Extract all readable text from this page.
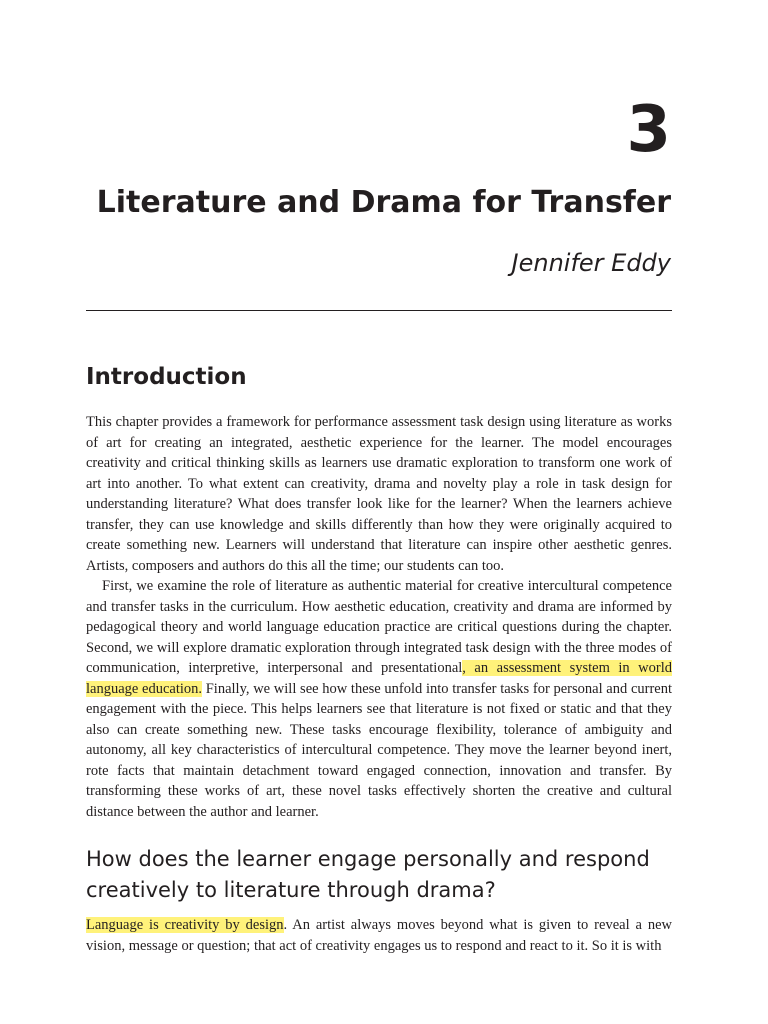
3
Literature and Drama for Transfer
Jennifer Eddy
Introduction

This chapter provides a framework for performance assessment task design using literature as works of art for creating an integrated, aesthetic experience for the learner. The model encourages creativity and critical thinking skills as learners use dramatic exploration to transform one work of art into another. To what extent can creativity, drama and novelty play a role in task design for understanding literature? What does transfer look like for the learner? When the learners achieve transfer, they can use knowledge and skills differently than how they were originally acquired to create something new. Learners will understand that literature can inspire other aesthetic genres. Artists, composers and authors do this all the time; our students can too.

First, we examine the role of literature as authentic material for creative intercultural competence and transfer tasks in the curriculum. How aesthetic education, creativity and drama are informed by pedagogical theory and world language education practice are critical questions during the chapter. Second, we will explore dramatic exploration through integrated task design with the three modes of communication, interpretive, interpersonal and presentational, an assessment system in world language education. Finally, we will see how these unfold into transfer tasks for personal and current engagement with the piece. This helps learners see that literature is not fixed or static and that they also can create something new. These tasks encourage flexibility, tolerance of ambiguity and autonomy, all key characteristics of intercultural competence. They move the learner beyond inert, rote facts that maintain detachment toward engaged connection, innovation and transfer. By transforming these works of art, these novel tasks effectively shorten the creative and cultural distance between the author and learner.

How does the learner engage personally and respond creatively to literature through drama?

Language is creativity by design. An artist always moves beyond what is given to reveal a new vision, message or question; that act of creativity engages us to respond and react to it. So it is with
